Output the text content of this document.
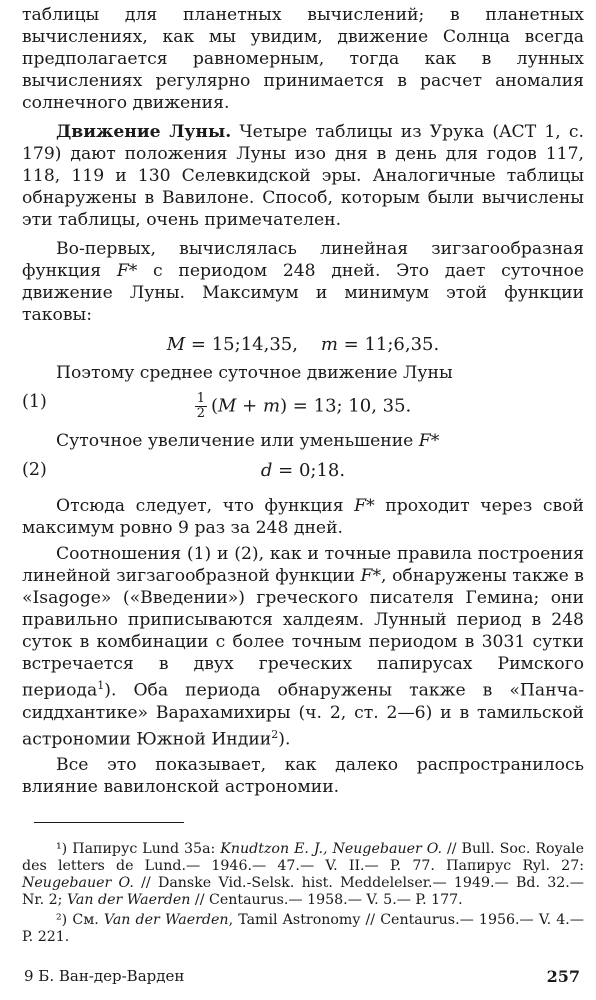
таблицы для планетных вычислений; в планетных вычислениях, как мы увидим, движение Солнца всегда предполагается равномерным, тогда как в лунных вычислениях регулярно принимается в расчет аномалия солнечного движения.

Движение Луны. Четыре таблицы из Урука (ACT 1, с. 179) дают положения Луны изо дня в день для годов 117, 118, 119 и 130 Селевкидской эры. Аналогичные таблицы обнаружены в Вавилоне. Способ, которым были вычислены эти таблицы, очень примечателен.

Во-первых, вычислялась линейная зигзагообразная функция F* с периодом 248 дней. Это дает суточное движение Луны. Максимум и минимум этой функции таковы:

M = 15;14,35, m = 11;6,35.

Поэтому среднее суточное движение Луны

(1)	$\frac{1}{2} (M + m) = 13$; 10, 35.

Суточное увеличение или уменьшение F*

(2)	d = 0;18.

Отсюда следует, что функция F* проходит через свой максимум ровно 9 раз за 248 дней.

Соотношения (1) и (2), как и точные правила построения линейной зигзагообразной функции F*, обнаружены также в «Isagoge» («Введении») греческого писателя Гемина; они правильно приписываются халдеям. Лунный период в 248 суток в комбинации с более точным периодом в 3031 сутки встречается в двух греческих папирусах Римского периода$^1$). Оба периода обнаружены также в «Панча-сиддхантике» Варахамихиры (ч. 2, ст. 2—6) и в тамильской астрономии Южной Индии$^2$).

Все это показывает, как далеко распространилось влияние вавилонской астрономии.

¹) Папирус Lund 35a: Knudtzon E. J., Neugebauer O. // Bull. Soc. Royale des letters de Lund.— 1946.— 47.— V. II.— P. 77. Папирус Ryl. 27: Neugebauer O. // Danske Vid.-Selsk. hist. Meddelelser.— 1949.— Bd. 32.— Nr. 2; Van der Waerden // Centaurus.— 1958.— V. 5.— P. 177.

²) См. Van der Waerden, Tamil Astronomy // Centaurus.— 1956.— V. 4.— P. 221.

9 Б. Ван-дер-Варден	257
